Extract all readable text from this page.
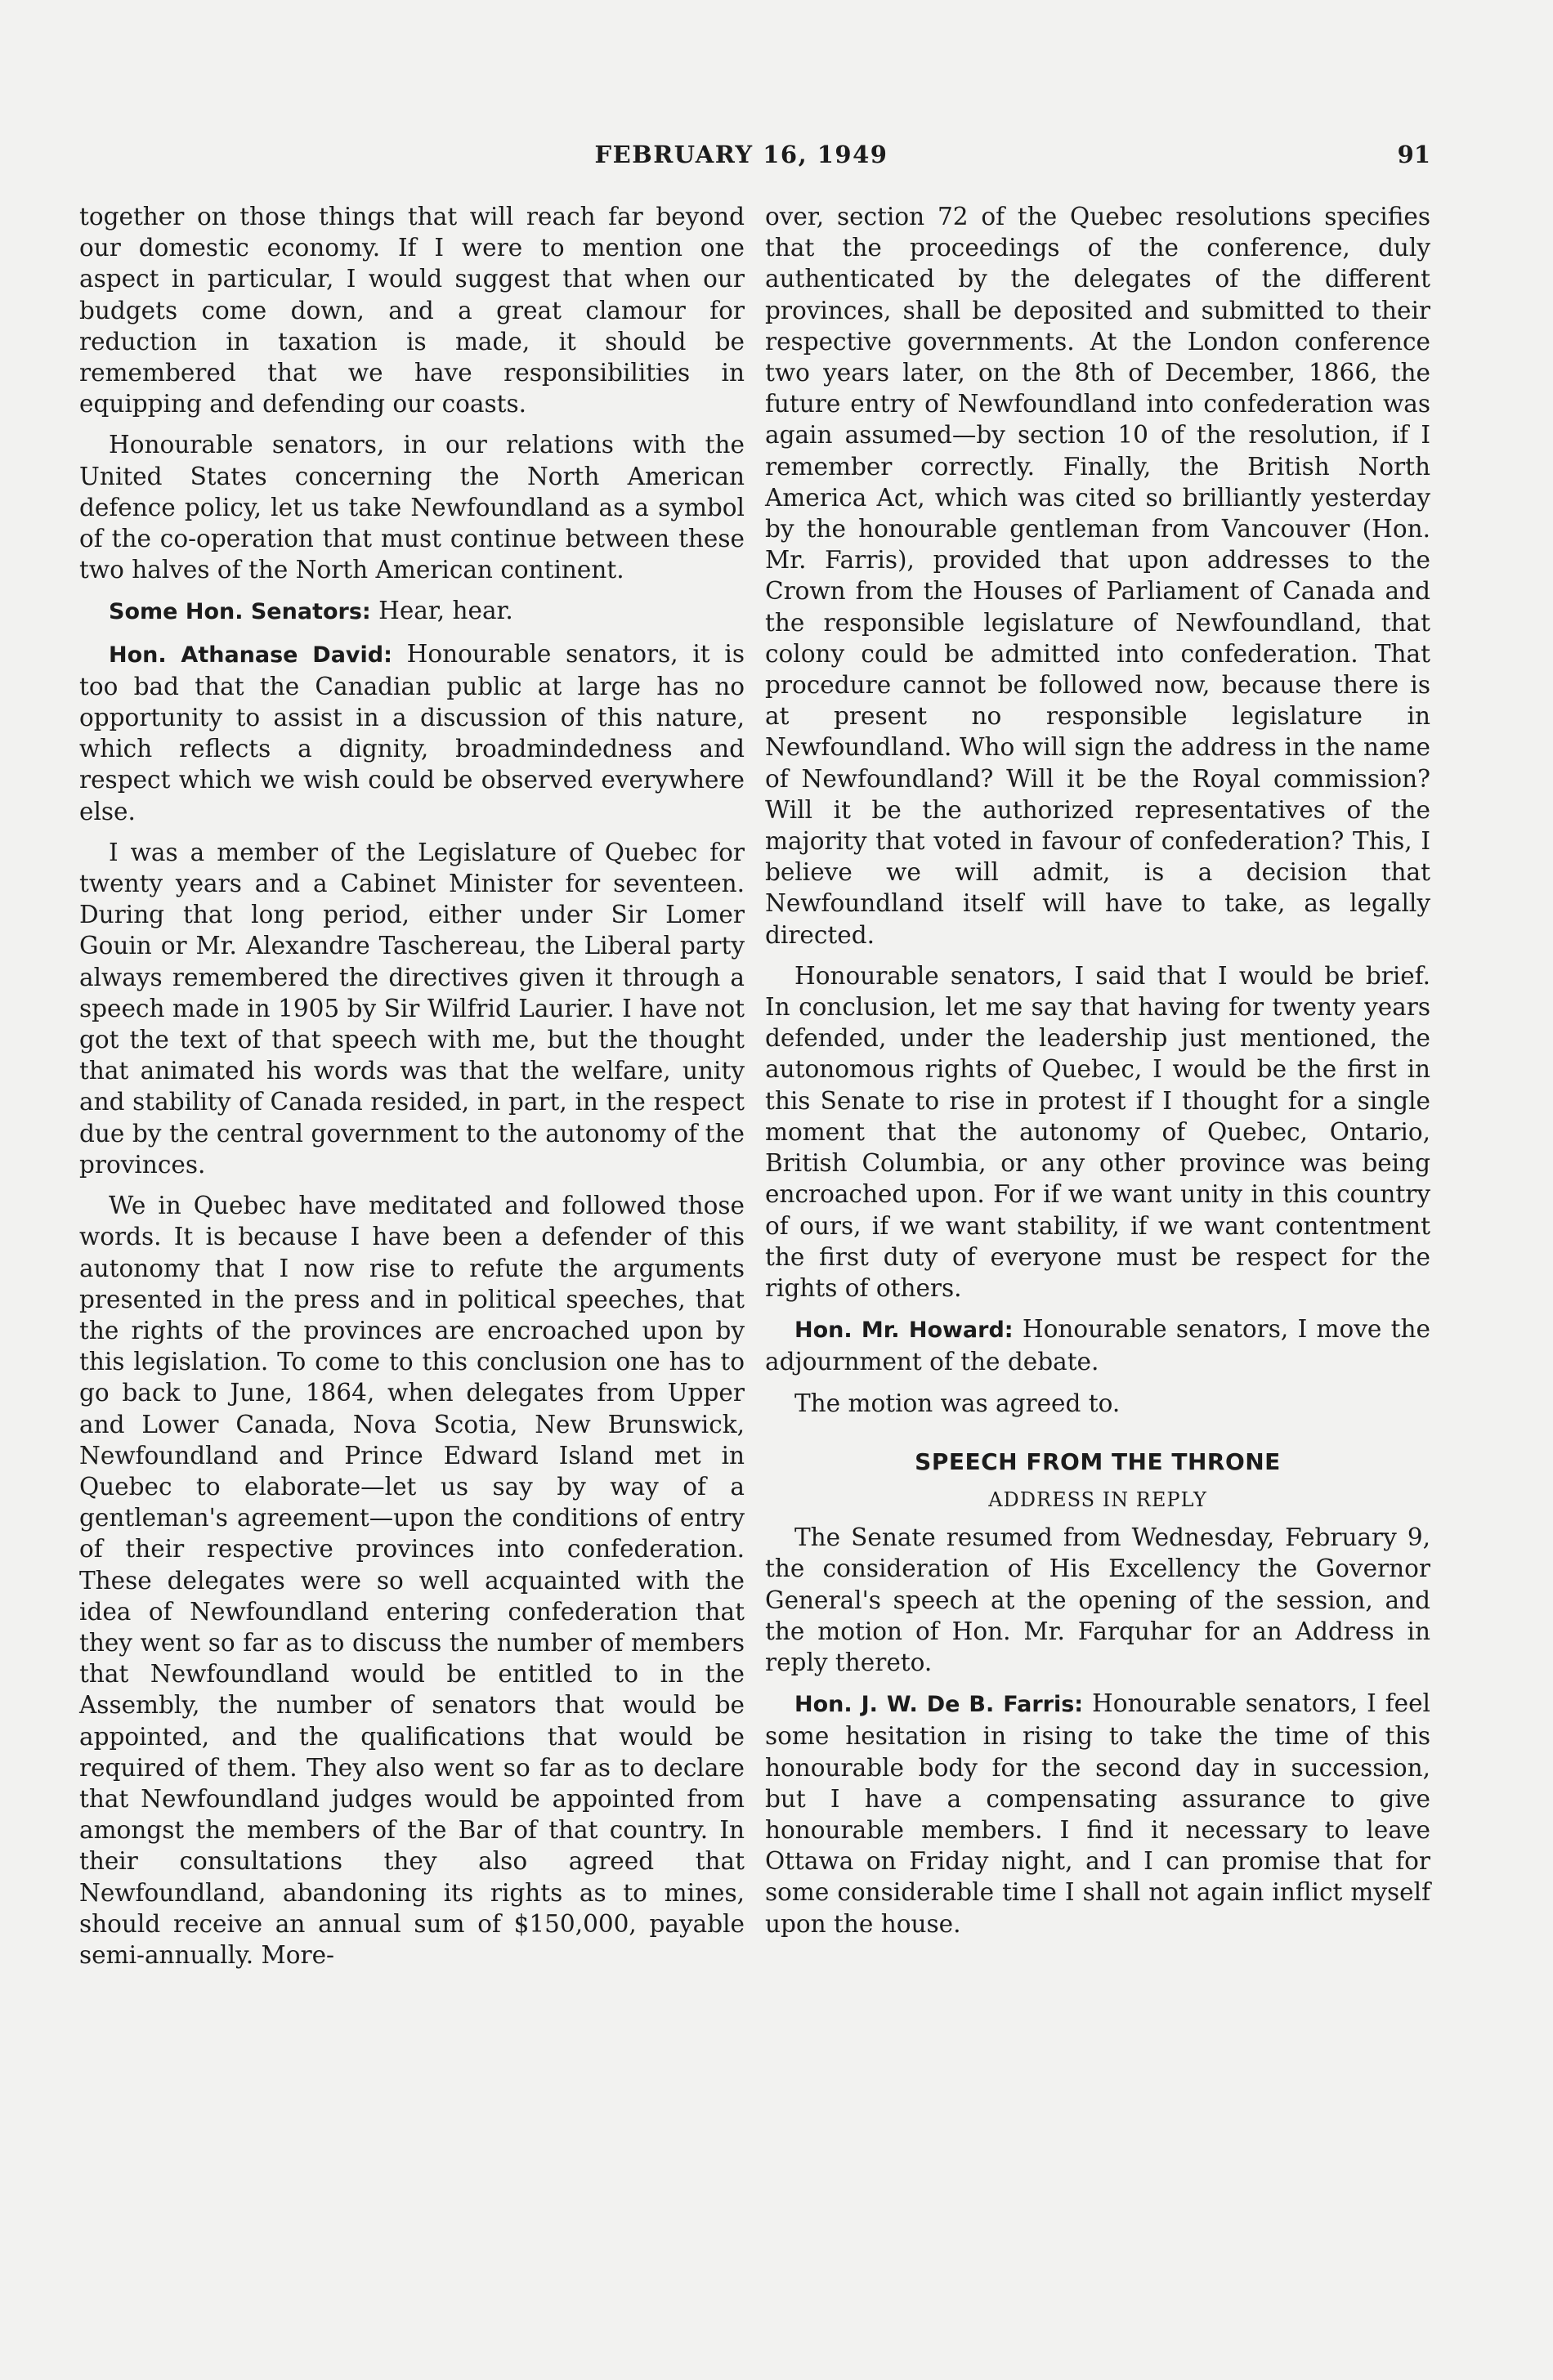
FEBRUARY 16, 1949	91

together on those things that will reach far beyond our domestic economy. If I were to mention one aspect in particular, I would suggest that when our budgets come down, and a great clamour for reduction in taxation is made, it should be remembered that we have responsibilities in equipping and defending our coasts.

Honourable senators, in our relations with the United States concerning the North American defence policy, let us take Newfoundland as a symbol of the co-operation that must continue between these two halves of the North American continent.

Some Hon. Senators: Hear, hear.

Hon. Athanase David: Honourable senators, it is too bad that the Canadian public at large has no opportunity to assist in a discussion of this nature, which reflects a dignity, broadmindedness and respect which we wish could be observed everywhere else.

I was a member of the Legislature of Quebec for twenty years and a Cabinet Minister for seventeen. During that long period, either under Sir Lomer Gouin or Mr. Alexandre Taschereau, the Liberal party always remembered the directives given it through a speech made in 1905 by Sir Wilfrid Laurier. I have not got the text of that speech with me, but the thought that animated his words was that the welfare, unity and stability of Canada resided, in part, in the respect due by the central government to the autonomy of the provinces.

We in Quebec have meditated and followed those words. It is because I have been a defender of this autonomy that I now rise to refute the arguments presented in the press and in political speeches, that the rights of the provinces are encroached upon by this legislation. To come to this conclusion one has to go back to June, 1864, when delegates from Upper and Lower Canada, Nova Scotia, New Brunswick, Newfoundland and Prince Edward Island met in Quebec to elaborate—let us say by way of a gentleman's agreement—upon the conditions of entry of their respective provinces into confederation. These delegates were so well acquainted with the idea of Newfoundland entering confederation that they went so far as to discuss the number of members that Newfoundland would be entitled to in the Assembly, the number of senators that would be appointed, and the qualifications that would be required of them. They also went so far as to declare that Newfoundland judges would be appointed from amongst the members of the Bar of that country. In their consultations they also agreed that Newfoundland, abandoning its rights as to mines, should receive an annual sum of $150,000, payable semi-annually. More-

over, section 72 of the Quebec resolutions specifies that the proceedings of the conference, duly authenticated by the delegates of the different provinces, shall be deposited and submitted to their respective governments. At the London conference two years later, on the 8th of December, 1866, the future entry of Newfoundland into confederation was again assumed—by section 10 of the resolution, if I remember correctly. Finally, the British North America Act, which was cited so brilliantly yesterday by the honourable gentleman from Vancouver (Hon. Mr. Farris), provided that upon addresses to the Crown from the Houses of Parliament of Canada and the responsible legislature of Newfoundland, that colony could be admitted into confederation. That procedure cannot be followed now, because there is at present no responsible legislature in Newfoundland. Who will sign the address in the name of Newfoundland? Will it be the Royal commission? Will it be the authorized representatives of the majority that voted in favour of confederation? This, I believe we will admit, is a decision that Newfoundland itself will have to take, as legally directed.

Honourable senators, I said that I would be brief. In conclusion, let me say that having for twenty years defended, under the leadership just mentioned, the autonomous rights of Quebec, I would be the first in this Senate to rise in protest if I thought for a single moment that the autonomy of Quebec, Ontario, British Columbia, or any other province was being encroached upon. For if we want unity in this country of ours, if we want stability, if we want contentment the first duty of everyone must be respect for the rights of others.

Hon. Mr. Howard: Honourable senators, I move the adjournment of the debate.

The motion was agreed to.

SPEECH FROM THE THRONE
ADDRESS IN REPLY

The Senate resumed from Wednesday, February 9, the consideration of His Excellency the Governor General's speech at the opening of the session, and the motion of Hon. Mr. Farquhar for an Address in reply thereto.

Hon. J. W. De B. Farris: Honourable senators, I feel some hesitation in rising to take the time of this honourable body for the second day in succession, but I have a compensating assurance to give honourable members. I find it necessary to leave Ottawa on Friday night, and I can promise that for some considerable time I shall not again inflict myself upon the house.
